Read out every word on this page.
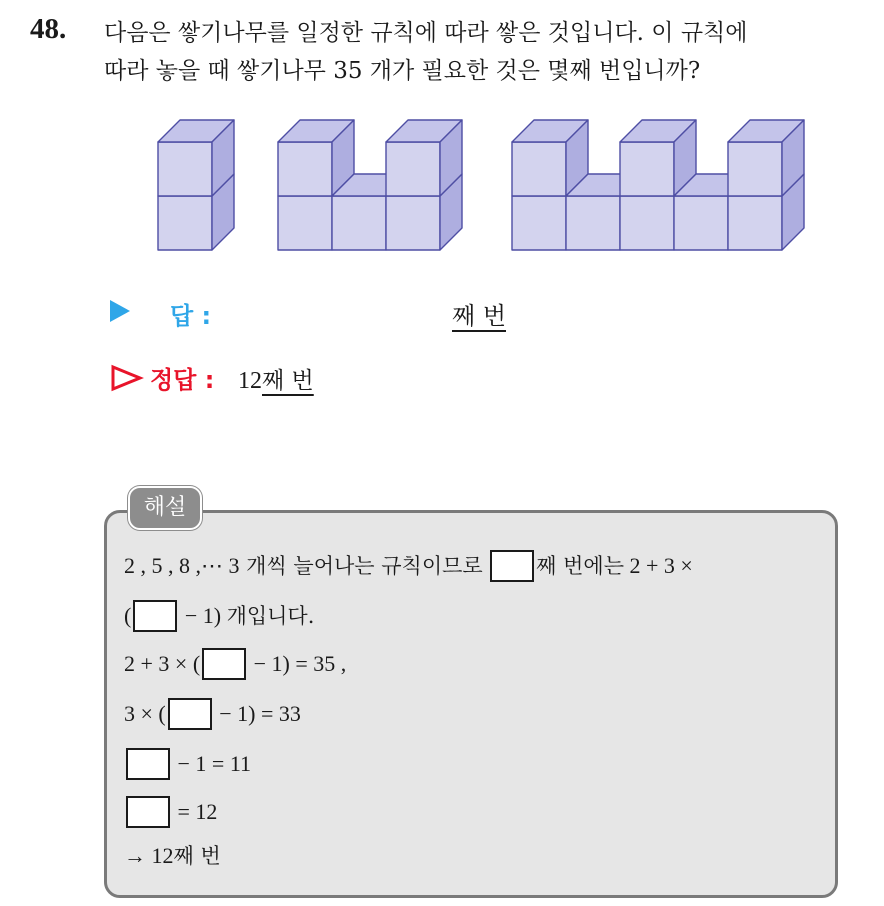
48. 다음은 쌓기나무를 일정한 규칙에 따라 쌓은 것입니다. 이 규칙에
따라 놓을 때 쌓기나무 35 개가 필요한 것은 몇째 번입니까?
답 :	째 번
정답 : 12째 번
해설
2 , 5 , 8 ,⋯ 3 개씩 늘어나는 규칙이므로	째 번에는 2 + 3 ×
( − 1) 개입니다.
2 + 3 × ( − 1) = 35 ,
3 × ( − 1) = 33
− 1 = 11
= 12
→ 12째 번
